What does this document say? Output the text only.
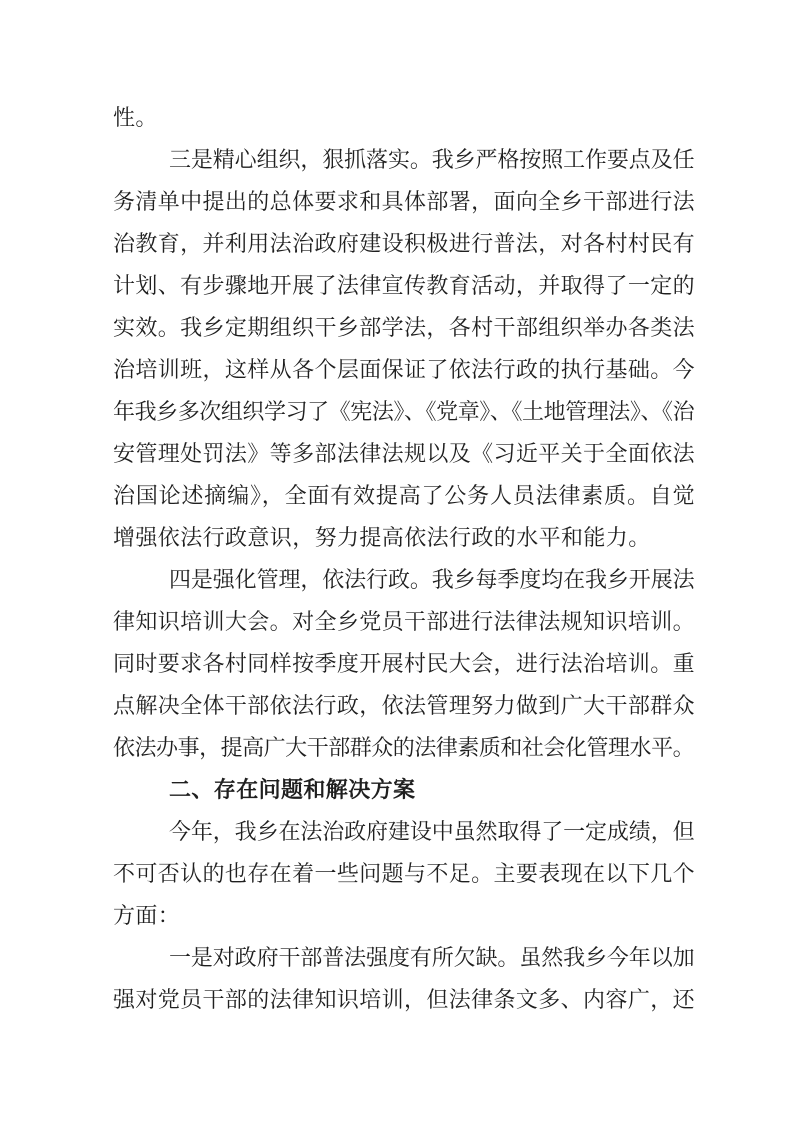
性。
三是精心组织，狠抓落实。我乡严格按照工作要点及任
务清单中提出的总体要求和具体部署，面向全乡干部进行法
治教育，并利用法治政府建设积极进行普法，对各村村民有
计划、有步骤地开展了法律宣传教育活动，并取得了一定的
实效。我乡定期组织干乡部学法，各村干部组织举办各类法
治培训班，这样从各个层面保证了依法行政的执行基础。今
年我乡多次组织学习了《宪法》、《党章》、《土地管理法》、《治
安管理处罚法》等多部法律法规以及《习近平关于全面依法
治国论述摘编》，全面有效提高了公务人员法律素质。自觉
增强依法行政意识，努力提高依法行政的水平和能力。
四是强化管理，依法行政。我乡每季度均在我乡开展法
律知识培训大会。对全乡党员干部进行法律法规知识培训。
同时要求各村同样按季度开展村民大会，进行法治培训。重
点解决全体干部依法行政，依法管理努力做到广大干部群众
依法办事，提高广大干部群众的法律素质和社会化管理水平。
二、存在问题和解决方案
今年，我乡在法治政府建设中虽然取得了一定成绩，但
不可否认的也存在着一些问题与不足。主要表现在以下几个
方面：
一是对政府干部普法强度有所欠缺。虽然我乡今年以加
强对党员干部的法律知识培训，但法律条文多、内容广，还
